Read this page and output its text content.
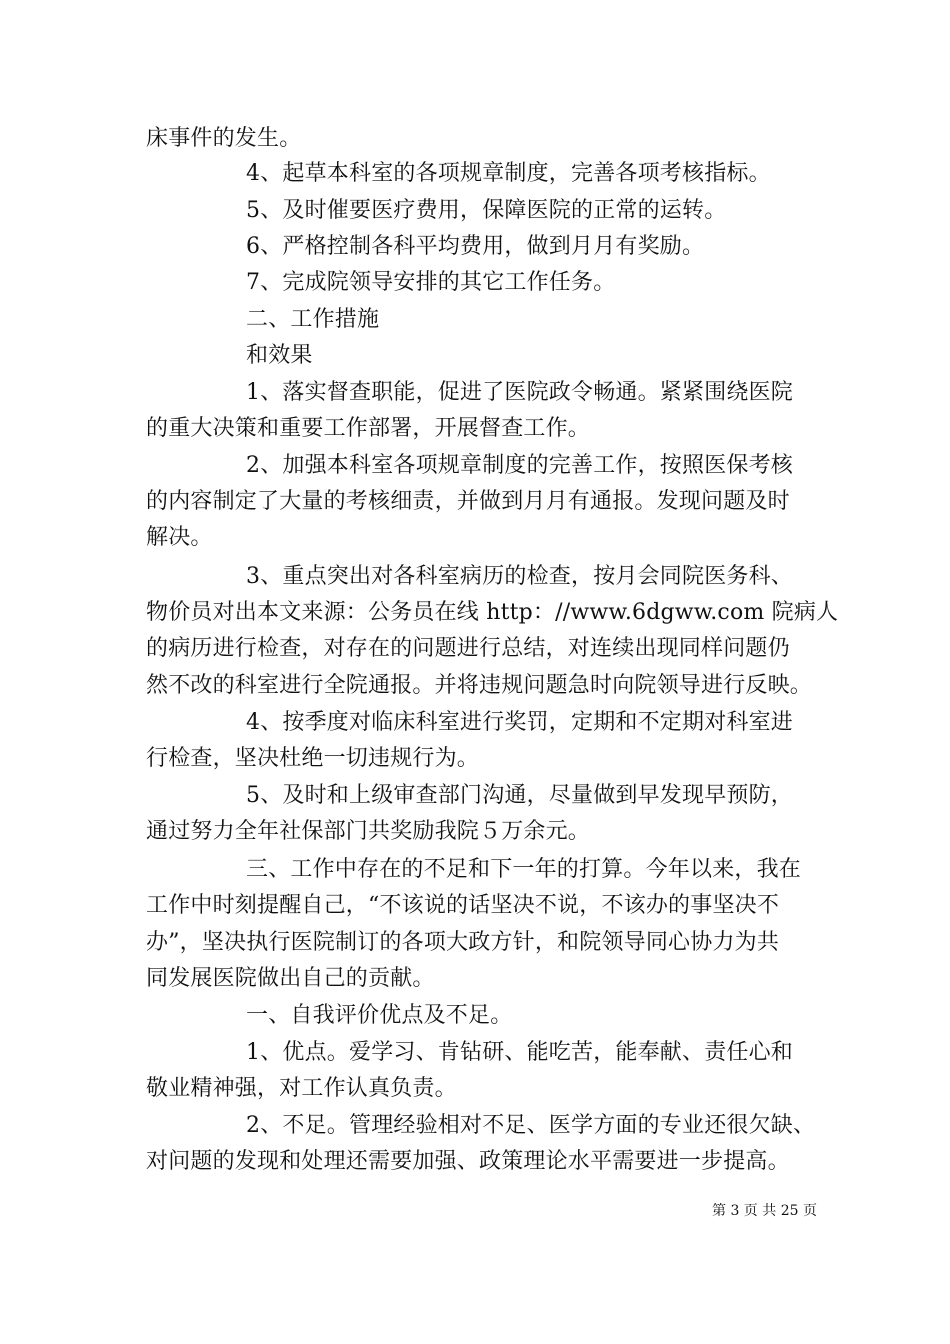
床事件的发生。
4、起草本科室的各项规章制度，完善各项考核指标。
5、及时催要医疗费用，保障医院的正常的运转。
6、严格控制各科平均费用，做到月月有奖励。
7、完成院领导安排的其它工作任务。
二、工作措施
和效果
1、落实督查职能，促进了医院政令畅通。紧紧围绕医院
的重大决策和重要工作部署，开展督查工作。
2、加强本科室各项规章制度的完善工作，按照医保考核
的内容制定了大量的考核细责，并做到月月有通报。发现问题及时
解决。
3、重点突出对各科室病历的检查，按月会同院医务科、
物价员对出本文来源：公务员在线 http：//www.6dgww.com 院病人
的病历进行检查，对存在的问题进行总结，对连续出现同样问题仍
然不改的科室进行全院通报。并将违规问题急时向院领导进行反映。
4、按季度对临床科室进行奖罚，定期和不定期对科室进
行检查，坚决杜绝一切违规行为。
5、及时和上级审查部门沟通，尽量做到早发现早预防，
通过努力全年社保部门共奖励我院５万余元。
三、工作中存在的不足和下一年的打算。今年以来，我在
工作中时刻提醒自己，“不该说的话坚决不说，不该办的事坚决不
办”，坚决执行医院制订的各项大政方针，和院领导同心协力为共
同发展医院做出自己的贡献。
一、自我评价优点及不足。
1、优点。爱学习、肯钻研、能吃苦，能奉献、责任心和
敬业精神强，对工作认真负责。
2、不足。管理经验相对不足、医学方面的专业还很欠缺、
对问题的发现和处理还需要加强、政策理论水平需要进一步提高。
第 3 页 共 25 页
